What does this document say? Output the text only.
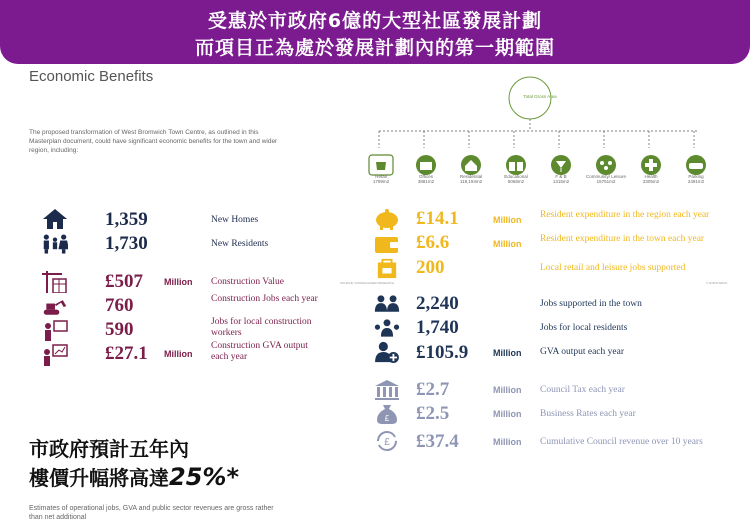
受惠於市政府6億的大型社區發展計劃
而項目正為處於發展計劃內的第一期範圍
Economic Benefits
The proposed transformation of West Bromwich Town Centre, as outlined in this Masterplan document, could have significant economic benefits for the town and wider region, including:
Total Gross Area
Retail
1799m2
Offices
3881m2
Residential
118,194m2
Educational
5068m2
F & B
1315m2
Community/ Leisure
15751m2
Health
3305m2
Parking
2491m2
1,359	New Homes
1,730	New Residents
£507 Million Construction Value
760	Construction Jobs each year
590	Jobs for local construction workers
£27.1 Million
Construction GVA output each year
£14.1	Million Resident expenditure in the region each year
£6.6	Million Resident expenditure in the town each year
200	Local retail and leisure jobs supported
SOURCE: STAKEHOLDER RESEARCH	© NORTHWICK
2,240	Jobs supported in the town
1,740	Jobs for local residents
£105.9	Million GVA output each year
£2.7	Million Council Tax each year
£ £2.5	Million Business Rates each year
£ £37.4	Million Cumulative Council revenue over 10 years
市政府預計五年內
樓價升幅將高達25%*
Estimates of operational jobs, GVA and public sector revenues are gross rather than net additional
